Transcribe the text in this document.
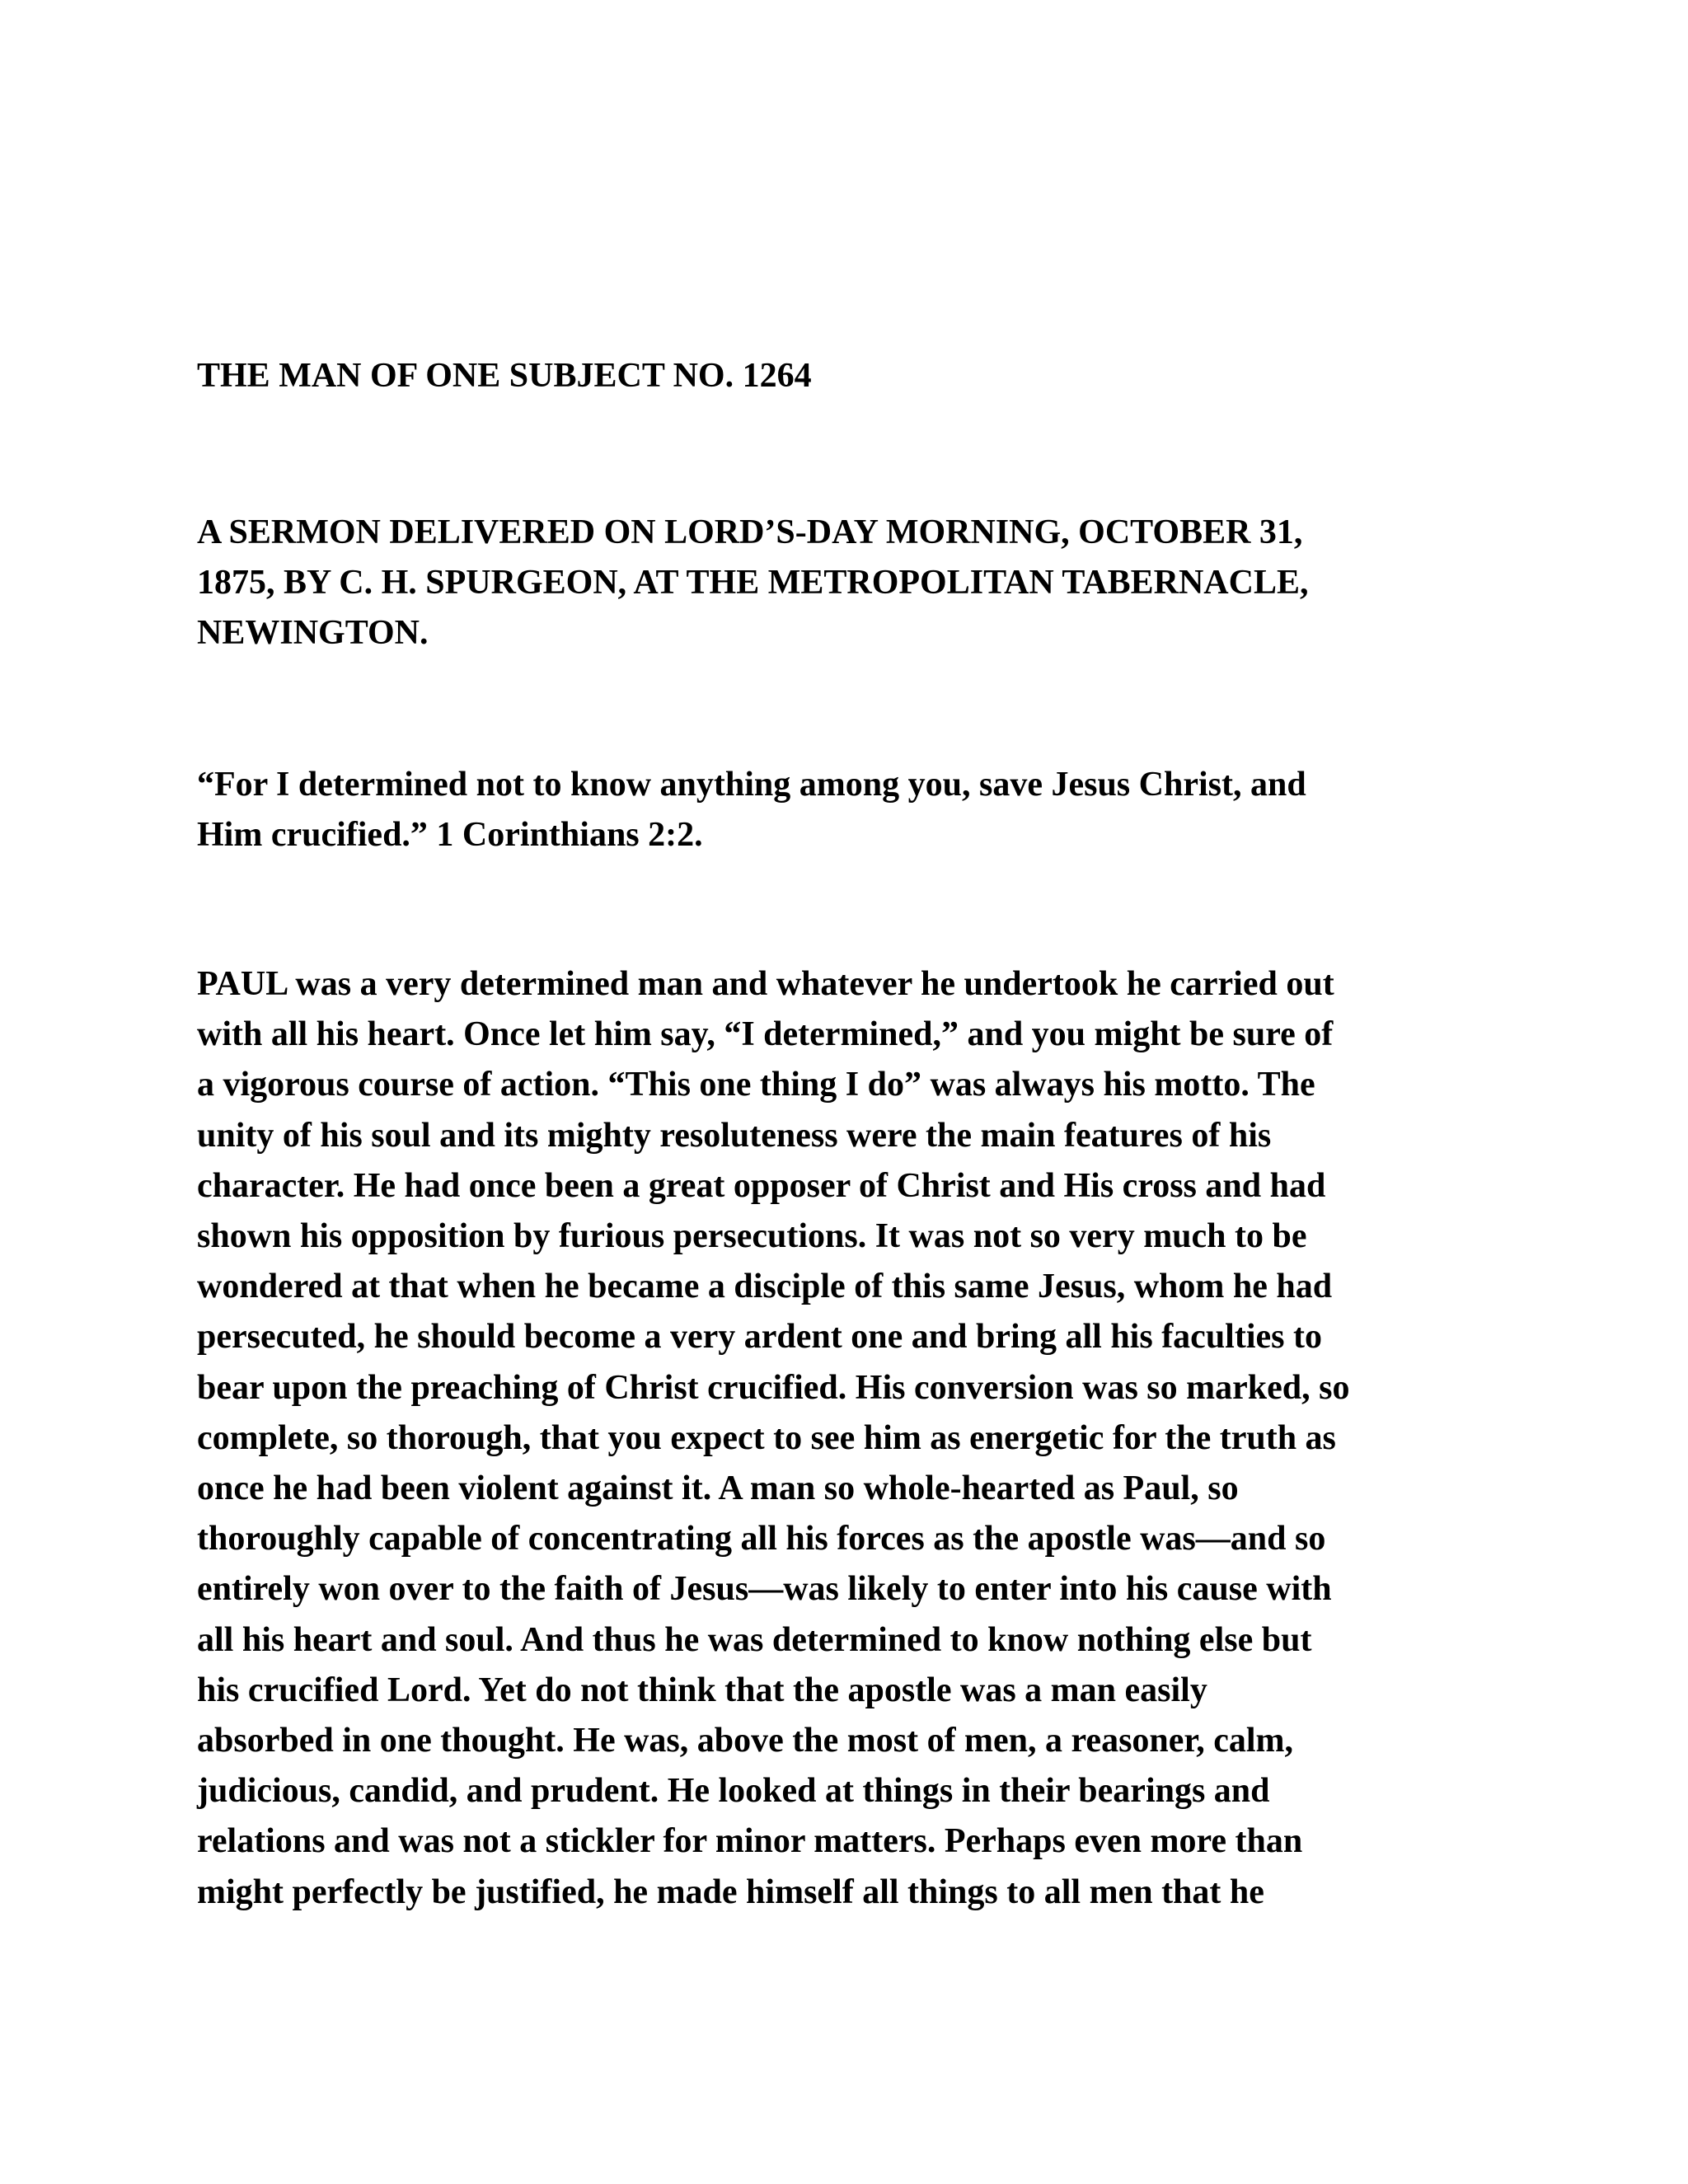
THE MAN OF ONE SUBJECT NO. 1264
A SERMON DELIVERED ON LORD’S-DAY MORNING, OCTOBER 31,
1875, BY C. H. SPURGEON, AT THE METROPOLITAN TABERNACLE,
NEWINGTON.
“For I determined not to know anything among you, save Jesus Christ, and
Him crucified.” 1 Corinthians 2:2.
PAUL was a very determined man and whatever he undertook he carried out
with all his heart. Once let him say, “I determined,” and you might be sure of
a vigorous course of action. “This one thing I do” was always his motto. The
unity of his soul and its mighty resoluteness were the main features of his
character. He had once been a great opposer of Christ and His cross and had
shown his opposition by furious persecutions. It was not so very much to be
wondered at that when he became a disciple of this same Jesus, whom he had
persecuted, he should become a very ardent one and bring all his faculties to
bear upon the preaching of Christ crucified. His conversion was so marked, so
complete, so thorough, that you expect to see him as energetic for the truth as
once he had been violent against it. A man so whole-hearted as Paul, so
thoroughly capable of concentrating all his forces as the apostle was—and so
entirely won over to the faith of Jesus—was likely to enter into his cause with
all his heart and soul. And thus he was determined to know nothing else but
his crucified Lord. Yet do not think that the apostle was a man easily
absorbed in one thought. He was, above the most of men, a reasoner, calm,
judicious, candid, and prudent. He looked at things in their bearings and
relations and was not a stickler for minor matters. Perhaps even more than
might perfectly be justified, he made himself all things to all men that he
